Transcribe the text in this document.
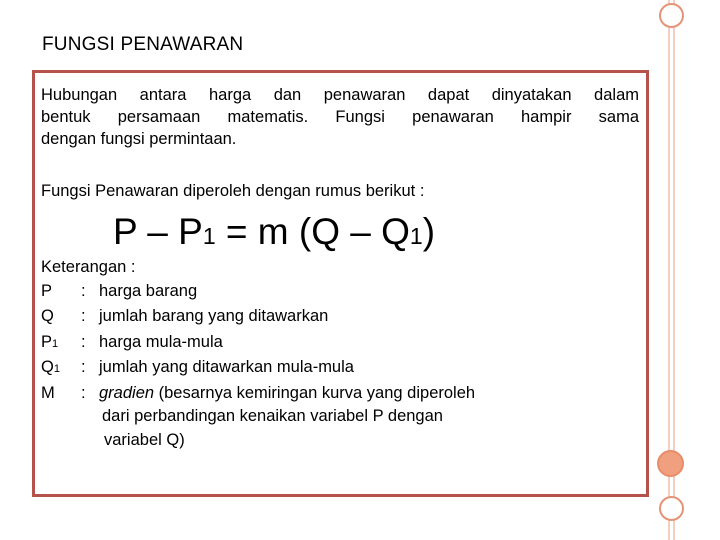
FUNGSI PENAWARAN
Hubungan antara harga dan penawaran dapat dinyatakan dalam
bentuk persamaan matematis. Fungsi penawaran hampir sama
dengan fungsi permintaan.
Fungsi Penawaran diperoleh dengan rumus berikut :
P – P1 = m (Q – Q1)
Keterangan :
P	: harga barang
Q	: jumlah barang yang ditawarkan
P1	: harga mula-mula
Q1	: jumlah yang ditawarkan mula-mula
M	: gradien (besarnya kemiringan kurva yang diperoleh
dari perbandingan kenaikan variabel P dengan
variabel Q)
